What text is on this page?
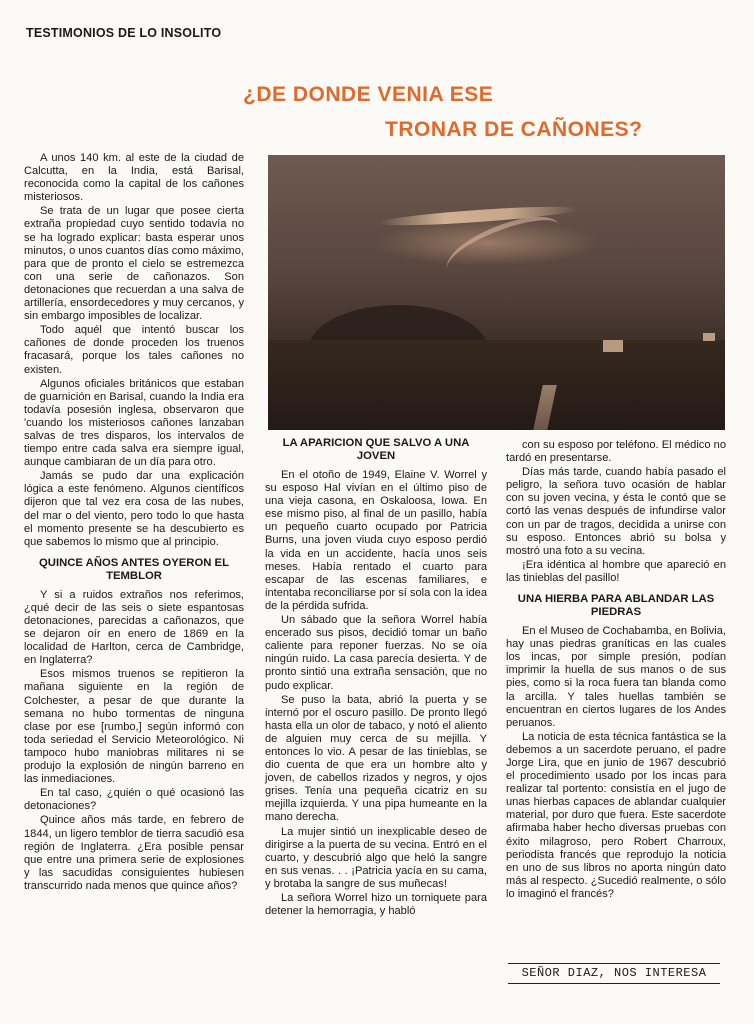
TESTIMONIOS DE LO INSOLITO
¿DE DONDE VENIA ESE
TRONAR DE CAÑONES?

A unos 140 km. al este de la ciudad de Calcutta, en la India, está Barisal, reconocida como la capital de los cañones misteriosos.

Se trata de un lugar que posee cierta extraña propiedad cuyo sentido todavía no se ha logrado explicar: basta esperar unos minutos, o unos cuantos días como máximo, para que de pronto el cielo se estremezca con una serie de cañonazos. Son detonaciones que recuerdan a una salva de artillería, ensordecedores y muy cercanos, y sin embargo imposibles de localizar.

Todo aquél que intentó buscar los cañones de donde proceden los truenos fracasará, porque los tales cañones no existen.

Algunos oficiales británicos que estaban de guarnición en Barisal, cuando la India era todavía posesión inglesa, observaron que 'cuando los misteriosos cañones lanzaban salvas de tres disparos, los intervalos de tiempo entre cada salva era siempre igual, aunque cambiaran de un día para otro.

Jamás se pudo dar una explicación lógica a este fenómeno. Algunos científicos dijeron que tal vez era cosa de las nubes, del mar o del viento, pero todo lo que hasta el momento presente se ha descubierto es que sabemos lo mismo que al principio.

QUINCE AÑOS ANTES OYERON EL TEMBLOR

Y si a ruidos extraños nos referimos, ¿qué decir de las seis o siete espantosas detonaciones, parecidas a cañonazos, que se dejaron oír en enero de 1869 en la localidad de Harlton, cerca de Cambridge, en Inglaterra?

Esos mismos truenos se repitieron la mañana siguiente en la región de Colchester, a pesar de que durante la semana no hubo tormentas de ninguna clase por ese [rumbo,] según informó con toda seriedad el Servicio Meteorológico. Ni tampoco hubo maniobras militares ni se produjo la explosión de ningún barreno en las inmediaciones.

En tal caso, ¿quién o qué ocasionó las detonaciones?

Quince años más tarde, en febrero de 1844, un ligero temblor de tierra sacudió esa región de Inglaterra. ¿Era posible pensar que entre una primera serie de explosiones y las sacudidas consiguientes hubiesen transcurrido nada menos que quince años?

LA APARICION QUE SALVO A UNA JOVEN

En el otoño de 1949, Elaine V. Worrel y su esposo Hal vivían en el último piso de una vieja casona, en Oskaloosa, Iowa. En ese mismo piso, al final de un pasillo, había un pequeño cuarto ocupado por Patricia Burns, una joven viuda cuyo esposo perdió la vida en un accidente, hacía unos seis meses. Había rentado el cuarto para escapar de las escenas familiares, e intentaba reconciliarse por sí sola con la idea de la pérdida sufrida.

Un sábado que la señora Worrel había encerado sus pisos, decidió tomar un baño caliente para reponer fuerzas. No se oía ningún ruido. La casa parecía desierta. Y de pronto sintió una extraña sensación, que no pudo explicar.

Se puso la bata, abrió la puerta y se internó por el oscuro pasillo. De pronto llegó hasta ella un olor de tabaco, y notó el aliento de alguien muy cerca de su mejilla. Y entonces lo vio. A pesar de las tinieblas, se dio cuenta de que era un hombre alto y joven, de cabellos rizados y negros, y ojos grises. Tenía una pequeña cicatriz en su mejilla izquierda. Y una pipa humeante en la mano derecha.

La mujer sintió un inexplicable deseo de dirigirse a la puerta de su vecina. Entró en el cuarto, y descubrió algo que heló la sangre en sus venas. . . ¡Patricia yacía en su cama, y brotaba la sangre de sus muñecas!

La señora Worrel hizo un torniquete para detener la hemorragia, y habló

con su esposo por teléfono. El médico no tardó en presentarse.

Días más tarde, cuando había pasado el peligro, la señora tuvo ocasión de hablar con su joven vecina, y ésta le contó que se cortó las venas después de infundirse valor con un par de tragos, decidida a unirse con su esposo. Entonces abrió su bolsa y mostró una foto a su vecina.

¡Era idéntica al hombre que apareció en las tinieblas del pasillo!

UNA HIERBA PARA ABLANDAR LAS PIEDRAS

En el Museo de Cochabamba, en Bolivia, hay unas piedras graníticas en las cuales los incas, por simple presión, podían imprimir la huella de sus manos o de sus pies, como si la roca fuera tan blanda como la arcilla. Y tales huellas también se encuentran en ciertos lugares de los Andes peruanos.

La noticia de esta técnica fantástica se la debemos a un sacerdote peruano, el padre Jorge Lira, que en junio de 1967 descubrió el procedimiento usado por los incas para realizar tal portento: consistía en el jugo de unas hierbas capaces de ablandar cualquier material, por duro que fuera. Este sacerdote afirmaba haber hecho diversas pruebas con éxito milagroso, pero Robert Charroux, periodista francés que reprodujo la noticia en uno de sus libros no aporta ningún dato más al respecto. ¿Sucedió realmente, o sólo lo imaginó el francés?

SEÑOR DIAZ, NOS INTERESA
